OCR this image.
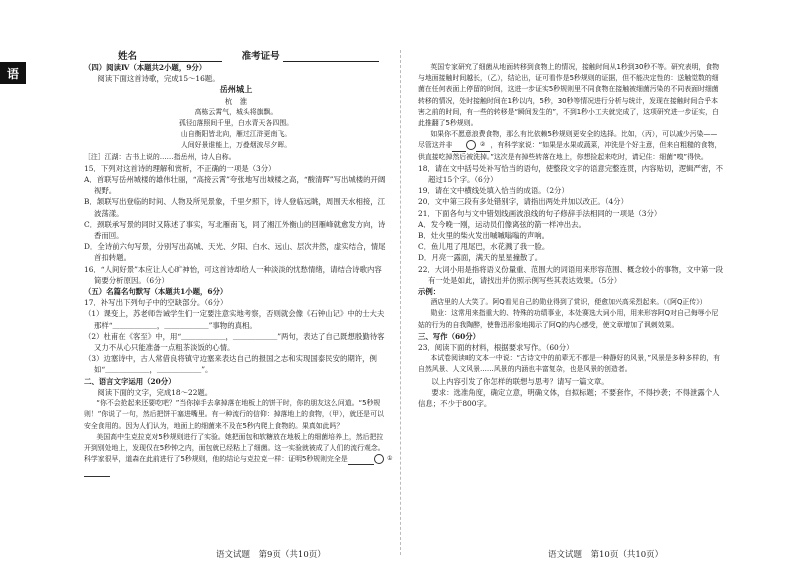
语
姓名	准考证号

（四）阅读Ⅳ（本题共2小题，9分）

阅读下面这首诗歌，完成15～16题。

岳州城上

杭　淮

高栋云霄气，城头将旗飘。

孤径▯落照间千里，白水青天各四围。

山自衡阳皆北向，雁过江浒更南飞。

人间好景谁能上，万叠烟波尽夕晖。

［注］江湖：古书上说的……指岳州，诗人自称。

15．下列对这首诗的理解和赏析，不正确的一项是（3分）

A．首联写岳州城楼的雄伟壮丽，“高接云霄”夸张地写出城楼之高，“酸清晖”写出城楼的开阔视野。

B．颔联写出登临的时间、人物及所见景象，千里夕照下，诗人登临远眺，周围天水相接，江波荡漾。

C．颈联承写景的同时又陈述了事实，写北雁南飞，同了湘江外衡山的回雁峰就愈发方向，诗香而回。

D．全诗前六句写景，分别写出高城、天光、夕阳、白水、远山、层次井然，虚实结合，情尾首扣转题。

16．“人间好景”本应让人心旷神怡，可这首诗却给人一种淡淡的忧愁情绪，请结合诗歌内容简要分析原因。（6分）

（五）名篇名句默写（本题共1小题，6分）

17．补写出下列句子中的空缺部分。（6分）

（1）课变上，苏老师告诫学生们一定要注意实地考察，否则就会像《石钟山记》中的士大夫那样“＿＿＿＿＿＿，＿＿＿＿＿＿”事物的真相。

（2）杜甫在《客至》中，用“＿＿＿＿＿＿，＿＿＿＿＿＿”两句，表达了自己既想殷勤待客又力不从心只能准备一点粗茶淡饭的心情。

（3）边塞诗中，古人常借良将镇守边塞来表达自己的报国之志和实现国泰民安的期许，例如“＿＿＿＿＿＿，＿＿＿＿＿＿”。

二、语言文字运用（20分）

阅读下面的文字，完成18～22题。

“你不会抢起来还要吃吧？”当你掉手去拿掉落在地板上的饼干时，你的朋友这么问道。“5秒规则！”你说了一句，然后把饼干塞进嘴里。有一种流行的信仰：掉落地上的食物，（甲），就还是可以安全食用的。因为人们认为，地面上的细菌来不及在5秒内爬上食物的。果真如此吗？

美国高中生克拉克对5秒规则进行了实验。她把面包和软糖放在地板上的细菌培养上，然后把拉开到别处地上，发现仅在5秒钟之内，面包就已经粘上了细菌。这一实验就被成了人们的流行观念。科学家很早，道森在此前进行了5秒规则，他的结论与克拉克一样：证明5秒规则完全是	①

英国专家研究了细菌从地面转移到食物上的情况，接触时间从1秒到30秒不等。研究表明，食物与地面接触时间越长，（乙），结论出，证可看作是5秒规则的证据，但不能决定性的：送触觉数的细菌在任何表面上停留的时间，这进一步证实5秒规则里不同食物在接触被细菌污染的不同表面时细菌转移的情况，处时接触时间在1秒以内，5秒，30秒等情况进行分析与统计，发现在接触时间合乎本害之前的时间，有一些的转移是“瞬间发生的”，不到1秒小工夫就完成了，这项研究进一步证实，白此推翻了5秒规则。

如果你不愿意浪费食物，那么有比依赖5秒规则更安全的选择。比如，（丙），可以减少污染——尽管这并非	② ，有科学家说：“如果是水果或蔬菜，冲洗是个好主意，但来自粗糙的食物，供直接吃掉然后被洗掉。”这次是有掉些转落在地上，你想捡起来吃时，请记住：细菌“嗅”得快。

18．请在文中括号处补写恰当的语句，使整段文字的语意完整连贯，内容贴切，逻辑严密，不超过15个字。（6分）

19．请在文中横线处填入恰当的成语。（2分）

20．文中第三段有多处错别字，请指出两处并加以改正。（4分）

21．下面各句与文中错划线画波浪线的句子修辞手法相同的一项是（3分）

A．发今晚一刚，运动员们像离弦的箭一样冲出去。

B．灶火里的柴火发出嘁嘁嗡嗡的声响。

C．鱼儿甩了甩尾巴，水花溅了我一脸。

D．月亮一露面，满天的星星撞散了。

22．大词小用是指将语义份量重、范围大的词语用来形容范围、概念较小的事物，文中第一段有一处是如此，请找出并仿照示例写些其表达效果。（5分）

示例：

酒店里的人大笑了。阿Q看见自己的勋业得到了赏识，便愈加兴高采烈起来。（《阿Q正传》）

勋业：这常用来指重大的、特殊的功绩事业，本处赛选大词小用，用来形容阿Q对自己侮辱小尼姑的行为的自我陶醉，使鲁迅形象地揭示了阿Q的内心感受，使文章增加了讽刺效果。

三、写作（60分）

23．阅读下面的材料，根据要求写作。（60分）

本试卷阅读Ⅱ的文本一中说：“古诗文中的前辈无不都是一种静好的风景，”风景是多种多样的，有自然风景、人文风景……风景的内涵也丰富复杂，也是风景的创造者。

以上内容引发了你怎样的联想与思考？请写一篇文章。

要求：选准角度，确定立意，明确文体，自拟标题；不要套作，不得抄袭；不得泄露个人信息；不少于800字。

语文试题　第9页（共10页）	语文试题　第10页（共10页）
